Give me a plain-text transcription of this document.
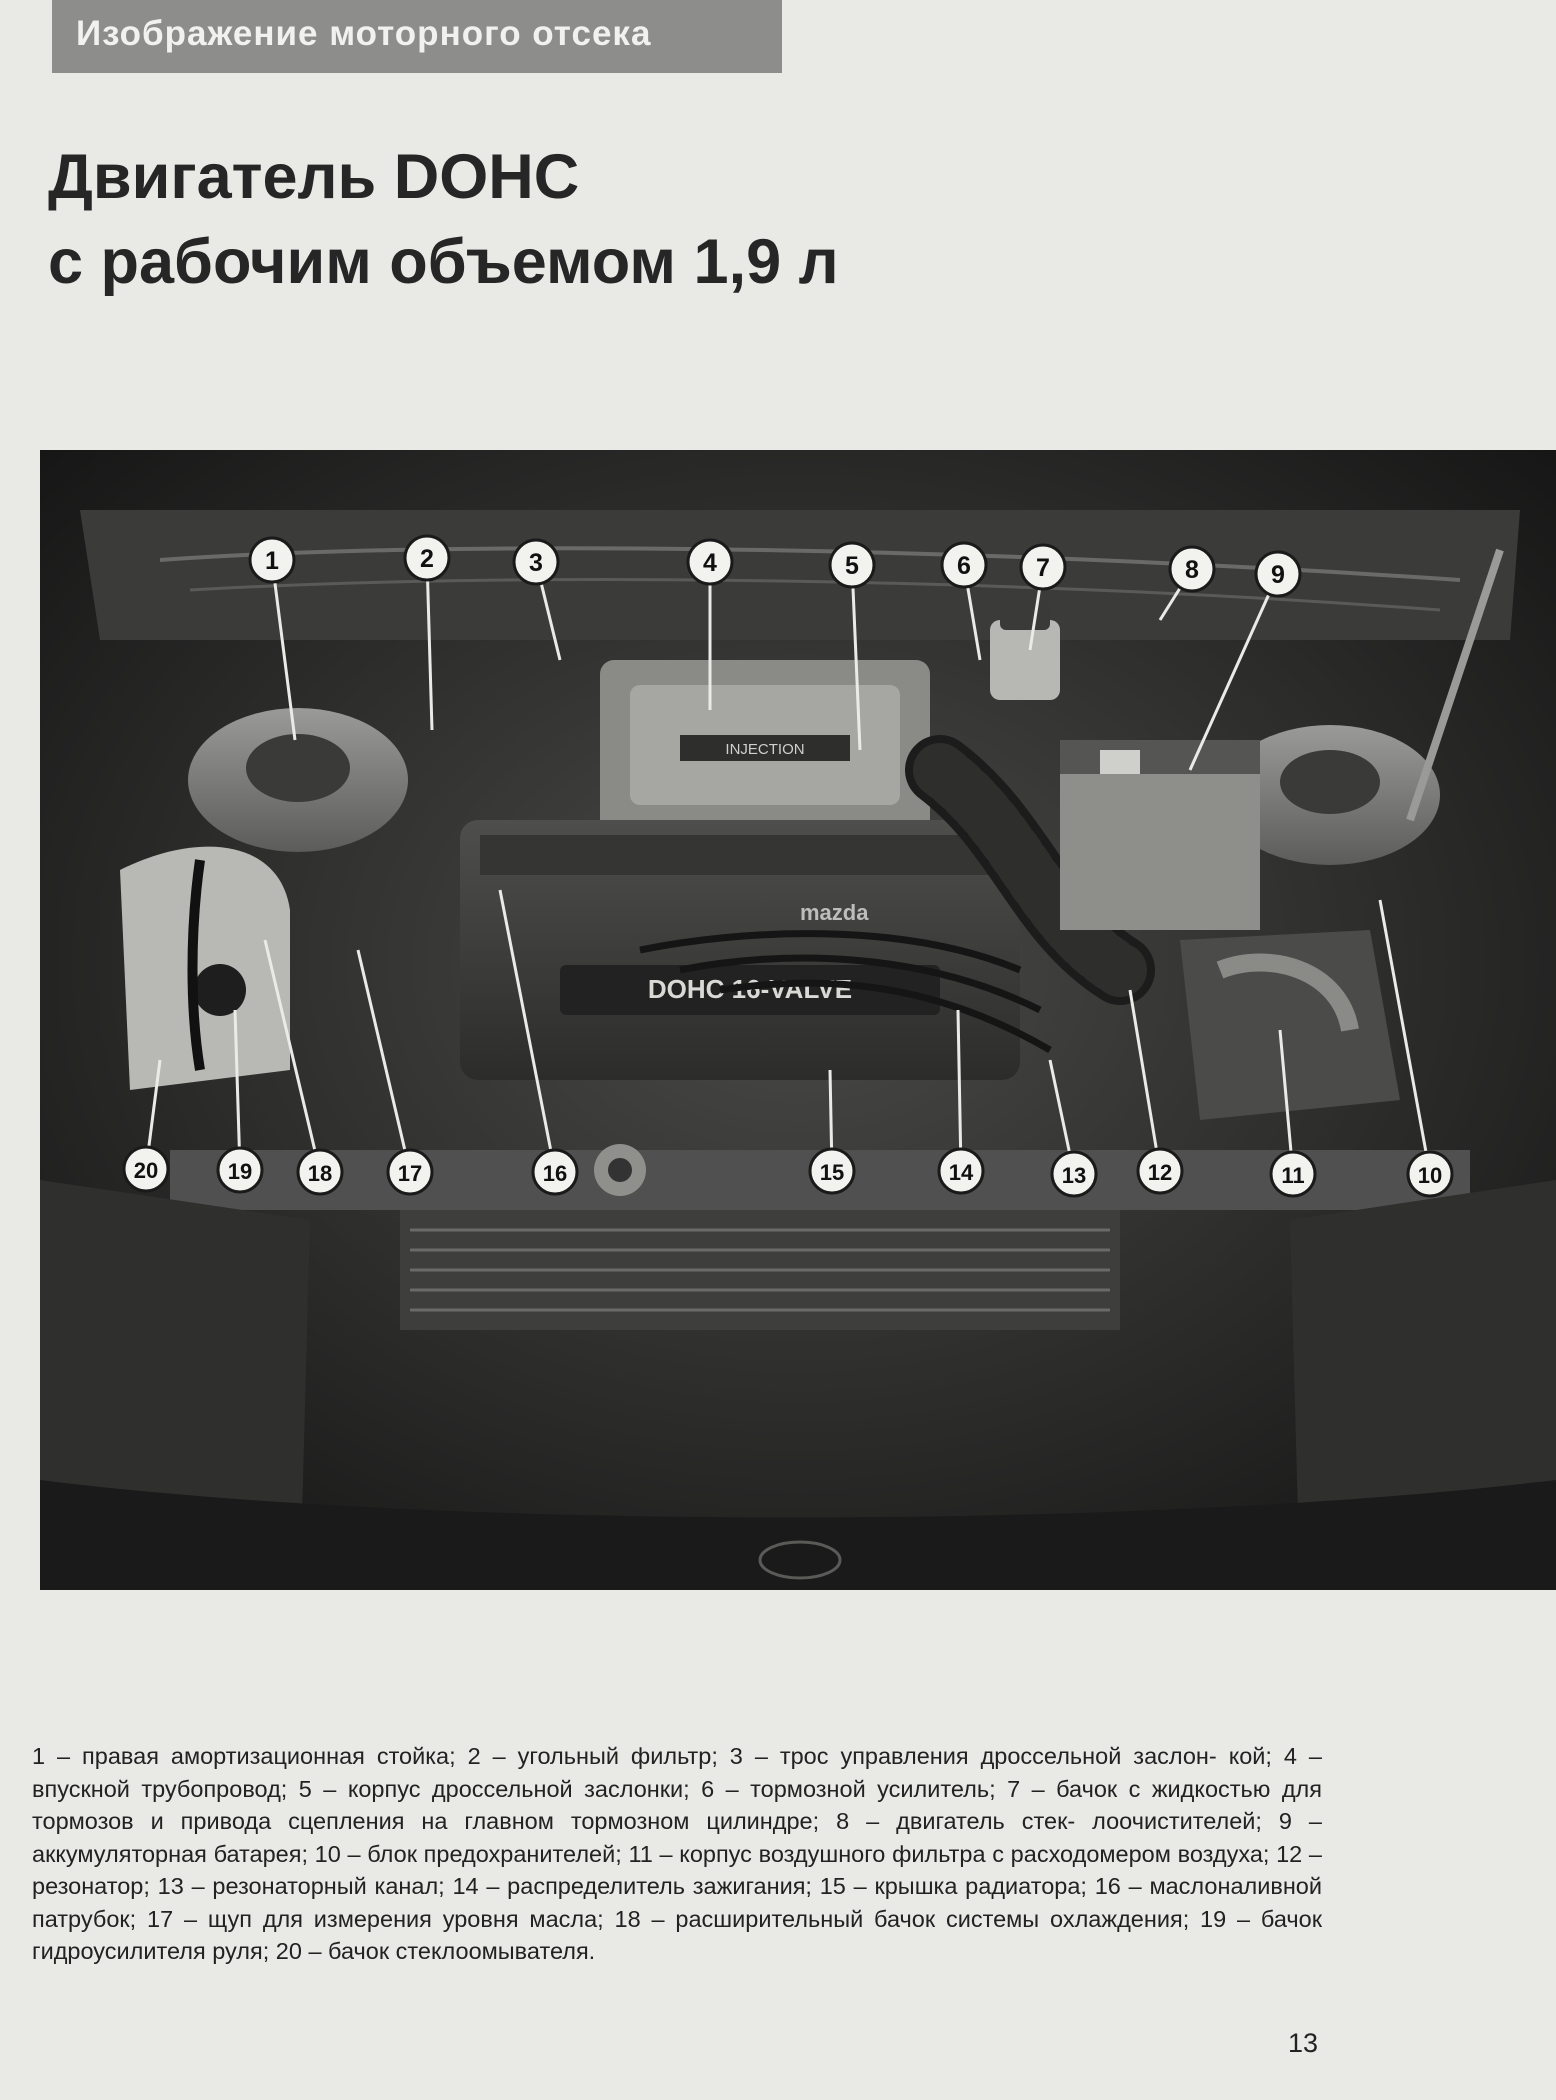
Изображение моторного отсека
Двигатель DOHC
с рабочим объемом 1,9 л
INJECTION
mazda
DOHC 16-VALVE
1	2	3	4	5	6	7	8	9
10
11
12
13
14
15
16
17
18
19
20

1 – правая амортизационная стойка; 2 – угольный фильтр; 3 – трос управления дроссельной заслон- кой; 4 – впускной трубопровод; 5 – корпус дроссельной заслонки; 6 – тормозной усилитель; 7 – бачок с жидкостью для тормозов и привода сцепления на главном тормозном цилиндре; 8 – двигатель стек- лоочистителей; 9 – аккумуляторная батарея; 10 – блок предохранителей; 11 – корпус воздушного фильтра с расходомером воздуха; 12 – резонатор; 13 – резонаторный канал; 14 – распределитель зажигания; 15 – крышка радиатора; 16 – маслоналивной патрубок; 17 – щуп для измерения уровня масла; 18 – расширительный бачок системы охлаждения; 19 – бачок гидроусилителя руля; 20 – бачок стеклоомывателя.

13
